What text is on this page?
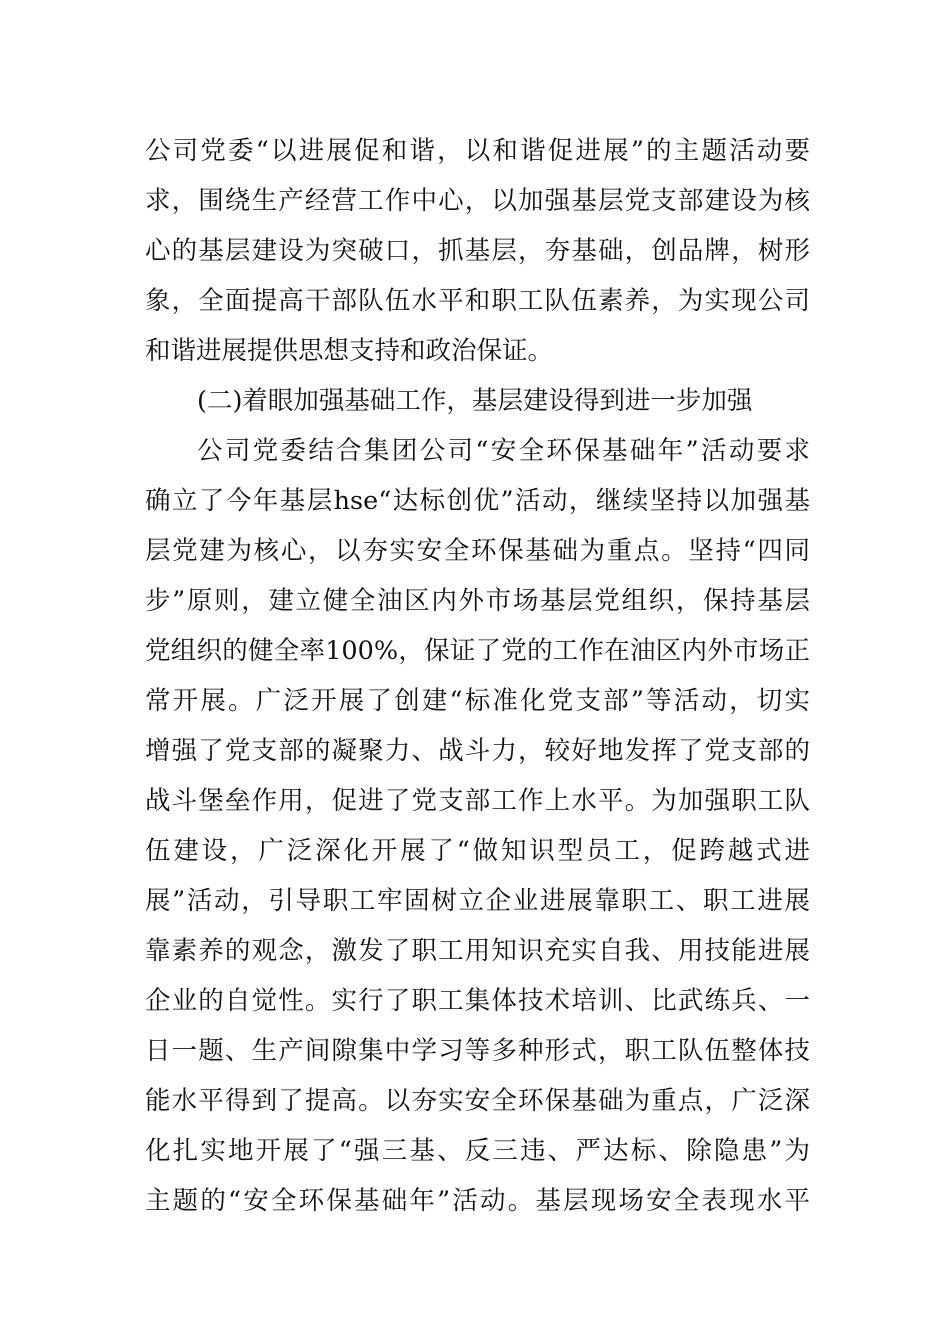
公司党委“以进展促和谐，以和谐促进展”的主题活动要
求，围绕生产经营工作中心，以加强基层党支部建设为核
心的基层建设为突破口，抓基层，夯基础，创品牌，树形
象，全面提高干部队伍水平和职工队伍素养，为实现公司
和谐进展提供思想支持和政治保证。
(二)着眼加强基础工作，基层建设得到进一步加强
公司党委结合集团公司“安全环保基础年”活动要求
确立了今年基层hse“达标创优”活动，继续坚持以加强基
层党建为核心，以夯实安全环保基础为重点。坚持“四同
步”原则，建立健全油区内外市场基层党组织，保持基层
党组织的健全率100%，保证了党的工作在油区内外市场正
常开展。广泛开展了创建“标准化党支部”等活动，切实
增强了党支部的凝聚力、战斗力，较好地发挥了党支部的
战斗堡垒作用，促进了党支部工作上水平。为加强职工队
伍建设，广泛深化开展了“做知识型员工，促跨越式进
展”活动，引导职工牢固树立企业进展靠职工、职工进展
靠素养的观念，激发了职工用知识充实自我、用技能进展
企业的自觉性。实行了职工集体技术培训、比武练兵、一
日一题、生产间隙集中学习等多种形式，职工队伍整体技
能水平得到了提高。以夯实安全环保基础为重点，广泛深
化扎实地开展了“强三基、反三违、严达标、除隐患”为
主题的“安全环保基础年”活动。基层现场安全表现水平
